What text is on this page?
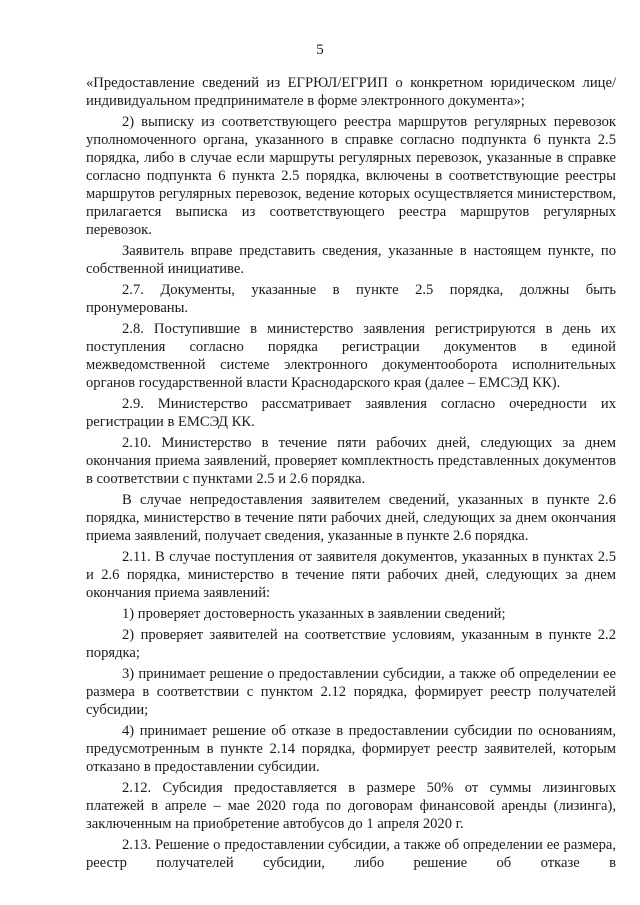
5

«Предоставление сведений из ЕГРЮЛ/ЕГРИП о конкретном юридическом лице/индивидуальном предпринимателе в форме электронного документа»;

2) выписку из соответствующего реестра маршрутов регулярных перевозок уполномоченного органа, указанного в справке согласно подпункта 6 пункта 2.5 порядка, либо в случае если маршруты регулярных перевозок, указанные в справке согласно подпункта 6 пункта 2.5 порядка, включены в соответствующие реестры маршрутов регулярных перевозок, ведение которых осуществляется министерством, прилагается выписка из соответствующего реестра маршрутов регулярных перевозок.

Заявитель вправе представить сведения, указанные в настоящем пункте, по собственной инициативе.

2.7. Документы, указанные в пункте 2.5 порядка, должны быть пронумерованы.

2.8. Поступившие в министерство заявления регистрируются в день их поступления согласно порядка регистрации документов в единой межведомственной системе электронного документооборота исполнительных органов государственной власти Краснодарского края (далее – ЕМСЭД КК).

2.9. Министерство рассматривает заявления согласно очередности их регистрации в ЕМСЭД КК.

2.10. Министерство в течение пяти рабочих дней, следующих за днем окончания приема заявлений, проверяет комплектность представленных документов в соответствии с пунктами 2.5 и 2.6 порядка.

В случае непредоставления заявителем сведений, указанных в пункте 2.6 порядка, министерство в течение пяти рабочих дней, следующих за днем окончания приема заявлений, получает сведения, указанные в пункте 2.6 порядка.

2.11. В случае поступления от заявителя документов, указанных в пунктах 2.5 и 2.6 порядка, министерство в течение пяти рабочих дней, следующих за днем окончания приема заявлений:

1) проверяет достоверность указанных в заявлении сведений;

2) проверяет заявителей на соответствие условиям, указанным в пункте 2.2 порядка;

3) принимает решение о предоставлении субсидии, а также об определении ее размера в соответствии с пунктом 2.12 порядка, формирует реестр получателей субсидии;

4) принимает решение об отказе в предоставлении субсидии по основаниям, предусмотренным в пункте 2.14 порядка, формирует реестр заявителей, которым отказано в предоставлении субсидии.

2.12. Субсидия предоставляется в размере 50% от суммы лизинговых платежей в апреле – мае 2020 года по договорам финансовой аренды (лизинга), заключенным на приобретение автобусов до 1 апреля 2020 г.

2.13. Решение о предоставлении субсидии, а также об определении ее размера, реестр получателей субсидии, либо решение об отказе в
